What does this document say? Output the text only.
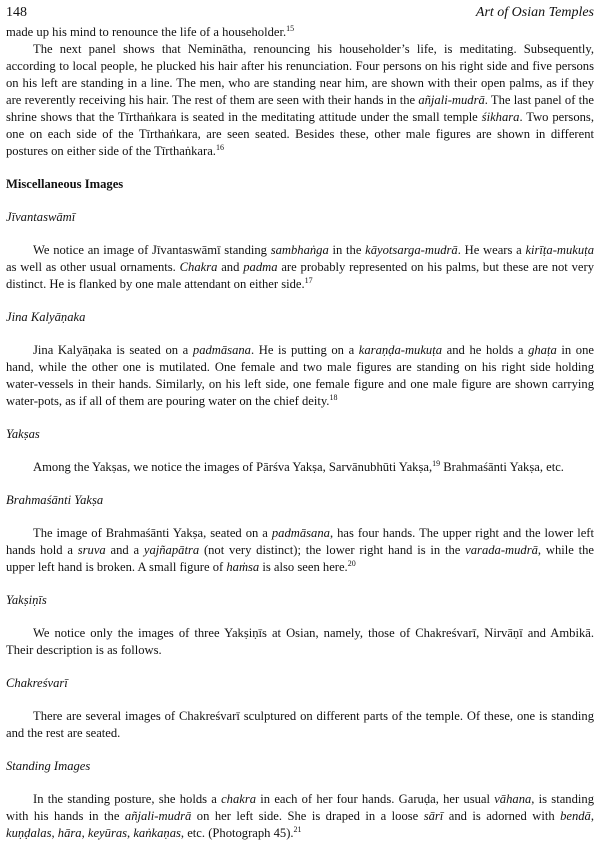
148	Art of Osian Temples

made up his mind to renounce the life of a householder.$^{15}$

The next panel shows that Neminātha, renouncing his householder’s life, is meditating. Subsequently, according to local people, he plucked his hair after his renunciation. Four persons on his right side and five persons on his left are standing in a line. The men, who are standing near him, are shown with their open palms, as if they are reverently receiving his hair. The rest of them are seen with their hands in the añjali-mudrā. The last panel of the shrine shows that the Tīrthaṅkara is seated in the meditating attitude under the small temple śikhara. Two persons, one on each side of the Tīrthaṅkara, are seen seated. Besides these, other male figures are shown in different postures on either side of the Tīrthaṅkara.$^{16}$

Miscellaneous Images

Jīvantaswāmī

We notice an image of Jīvantaswāmī standing sambhaṅga in the kāyotsarga-mudrā. He wears a kirīṭa-mukuṭa as well as other usual ornaments. Chakra and padma are probably represented on his palms, but these are not very distinct. He is flanked by one male attendant on either side.$^{17}$

Jina Kalyāṇaka

Jina Kalyāṇaka is seated on a padmāsana. He is putting on a karaṇḍa-mukuṭa and he holds a ghaṭa in one hand, while the other one is mutilated. One female and two male figures are standing on his right side holding water-vessels in their hands. Similarly, on his left side, one female figure and one male figure are shown carrying water-pots, as if all of them are pouring water on the chief deity.$^{18}$

Yakṣas

Among the Yakṣas, we notice the images of Pārśva Yakṣa, Sarvānubhūti Yakṣa,$^{19}$ Brahmaśānti Yakṣa, etc.

Brahmaśānti Yakṣa

The image of Brahmaśānti Yakṣa, seated on a padmāsana, has four hands. The upper right and the lower left hands hold a sruva and a yajñapātra (not very distinct); the lower right hand is in the varada-mudrā, while the upper left hand is broken. A small figure of haṁsa is also seen here.$^{20}$

Yakṣiṇīs

We notice only the images of three Yakṣiṇīs at Osian, namely, those of Chakreśvarī, Nirvāṇī and Ambikā. Their description is as follows.

Chakreśvarī

There are several images of Chakreśvarī sculptured on different parts of the temple. Of these, one is standing and the rest are seated.

Standing Images

In the standing posture, she holds a chakra in each of her four hands. Garuḍa, her usual vāhana, is standing with his hands in the añjali-mudrā on her left side. She is draped in a loose sārī and is adorned with bendā, kuṇḍalas, hāra, keyūras, kaṅkaṇas, etc. (Photograph 45).$^{21}$
